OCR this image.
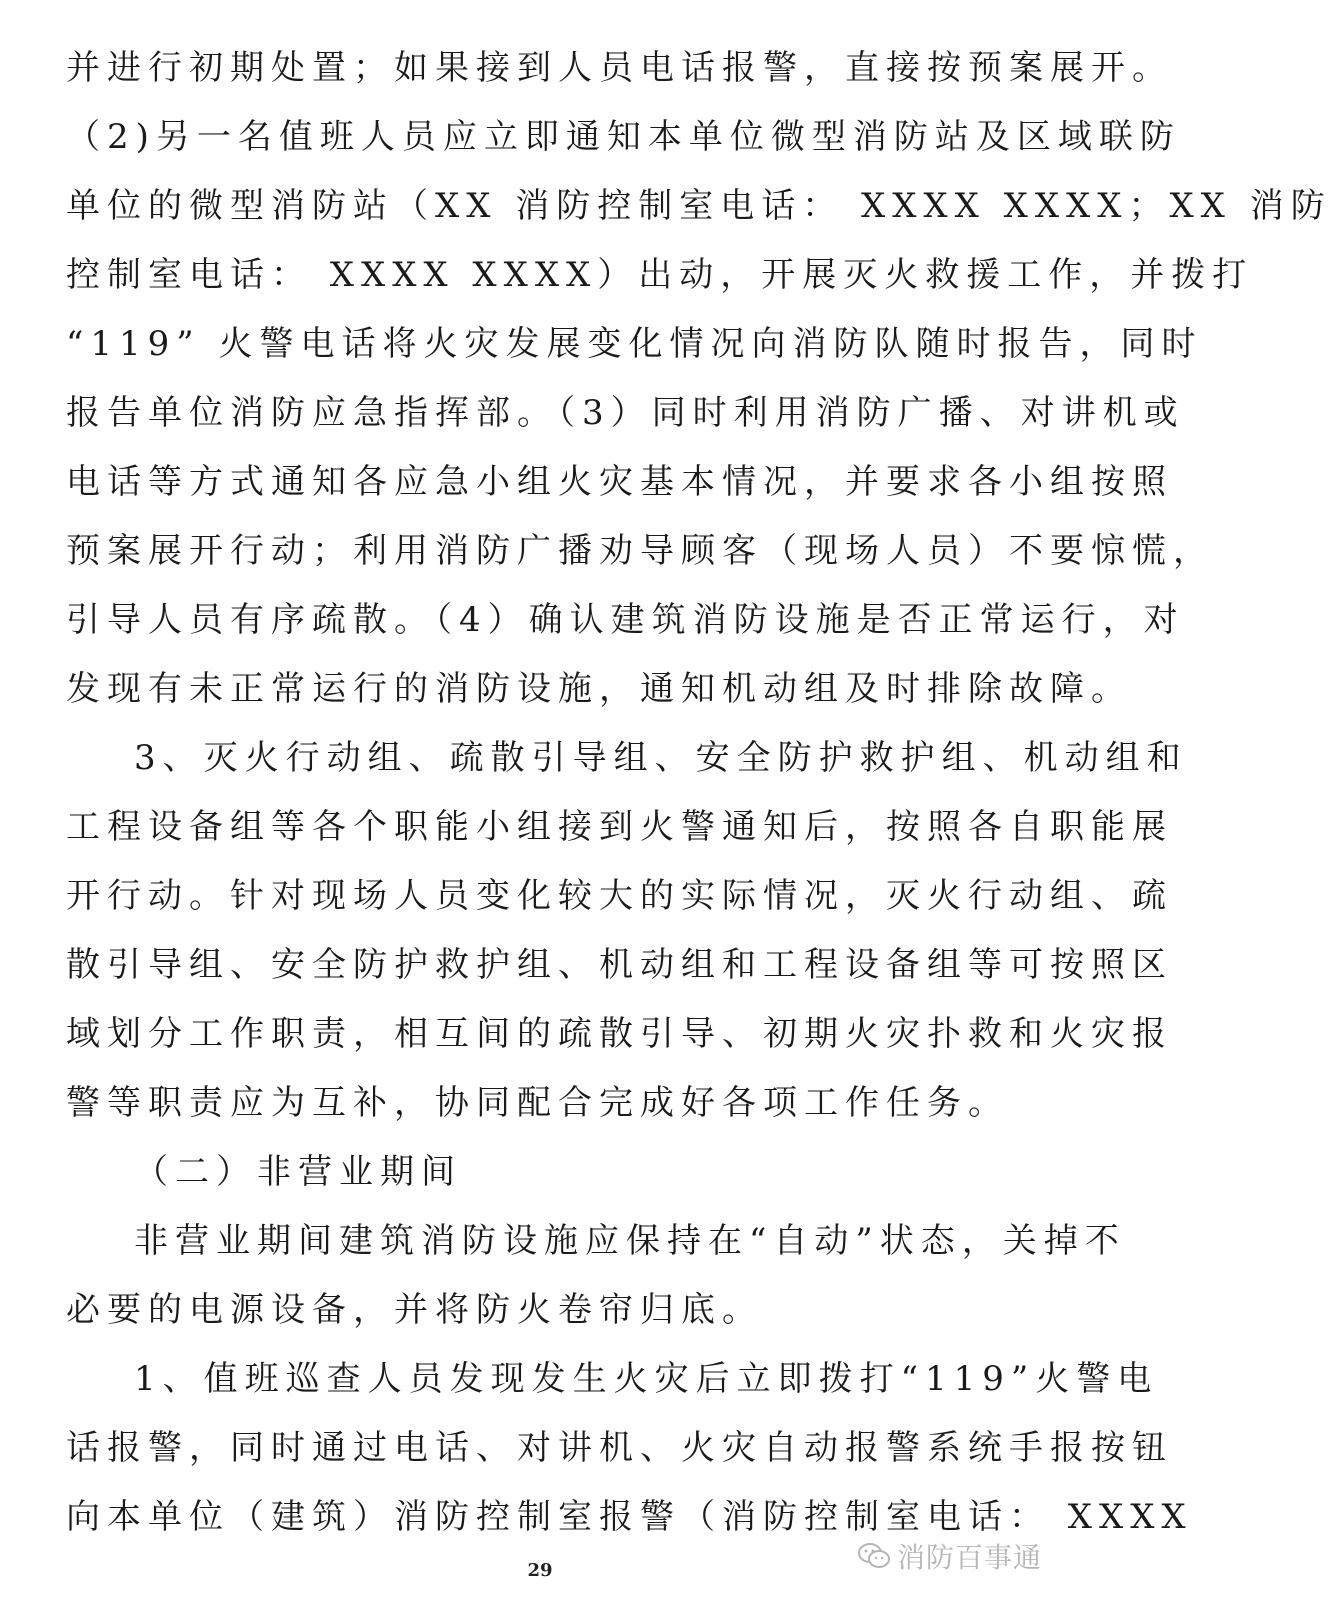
并进行初期处置；如果接到人员电话报警，直接按预案展开。
（2)另一名值班人员应立即通知本单位微型消防站及区域联防
单位的微型消防站（XX 消防控制室电话： XXXX XXXX；XX 消防
控制室电话： XXXX XXXX）出动，开展灭火救援工作，并拨打
“119” 火警电话将火灾发展变化情况向消防队随时报告，同时
报告单位消防应急指挥部。（3）同时利用消防广播、对讲机或
电话等方式通知各应急小组火灾基本情况，并要求各小组按照
预案展开行动；利用消防广播劝导顾客（现场人员）不要惊慌，
引导人员有序疏散。（4）确认建筑消防设施是否正常运行，对
发现有未正常运行的消防设施，通知机动组及时排除故障。
3、灭火行动组、疏散引导组、安全防护救护组、机动组和
工程设备组等各个职能小组接到火警通知后，按照各自职能展
开行动。针对现场人员变化较大的实际情况，灭火行动组、疏
散引导组、安全防护救护组、机动组和工程设备组等可按照区
域划分工作职责，相互间的疏散引导、初期火灾扑救和火灾报
警等职责应为互补，协同配合完成好各项工作任务。
（二）非营业期间
非营业期间建筑消防设施应保持在“自动”状态，关掉不
必要的电源设备，并将防火卷帘归底。
1、值班巡查人员发现发生火灾后立即拨打“119”火警电
话报警，同时通过电话、对讲机、火灾自动报警系统手报按钮
向本单位（建筑）消防控制室报警（消防控制室电话： XXXX
29	消防百事通
